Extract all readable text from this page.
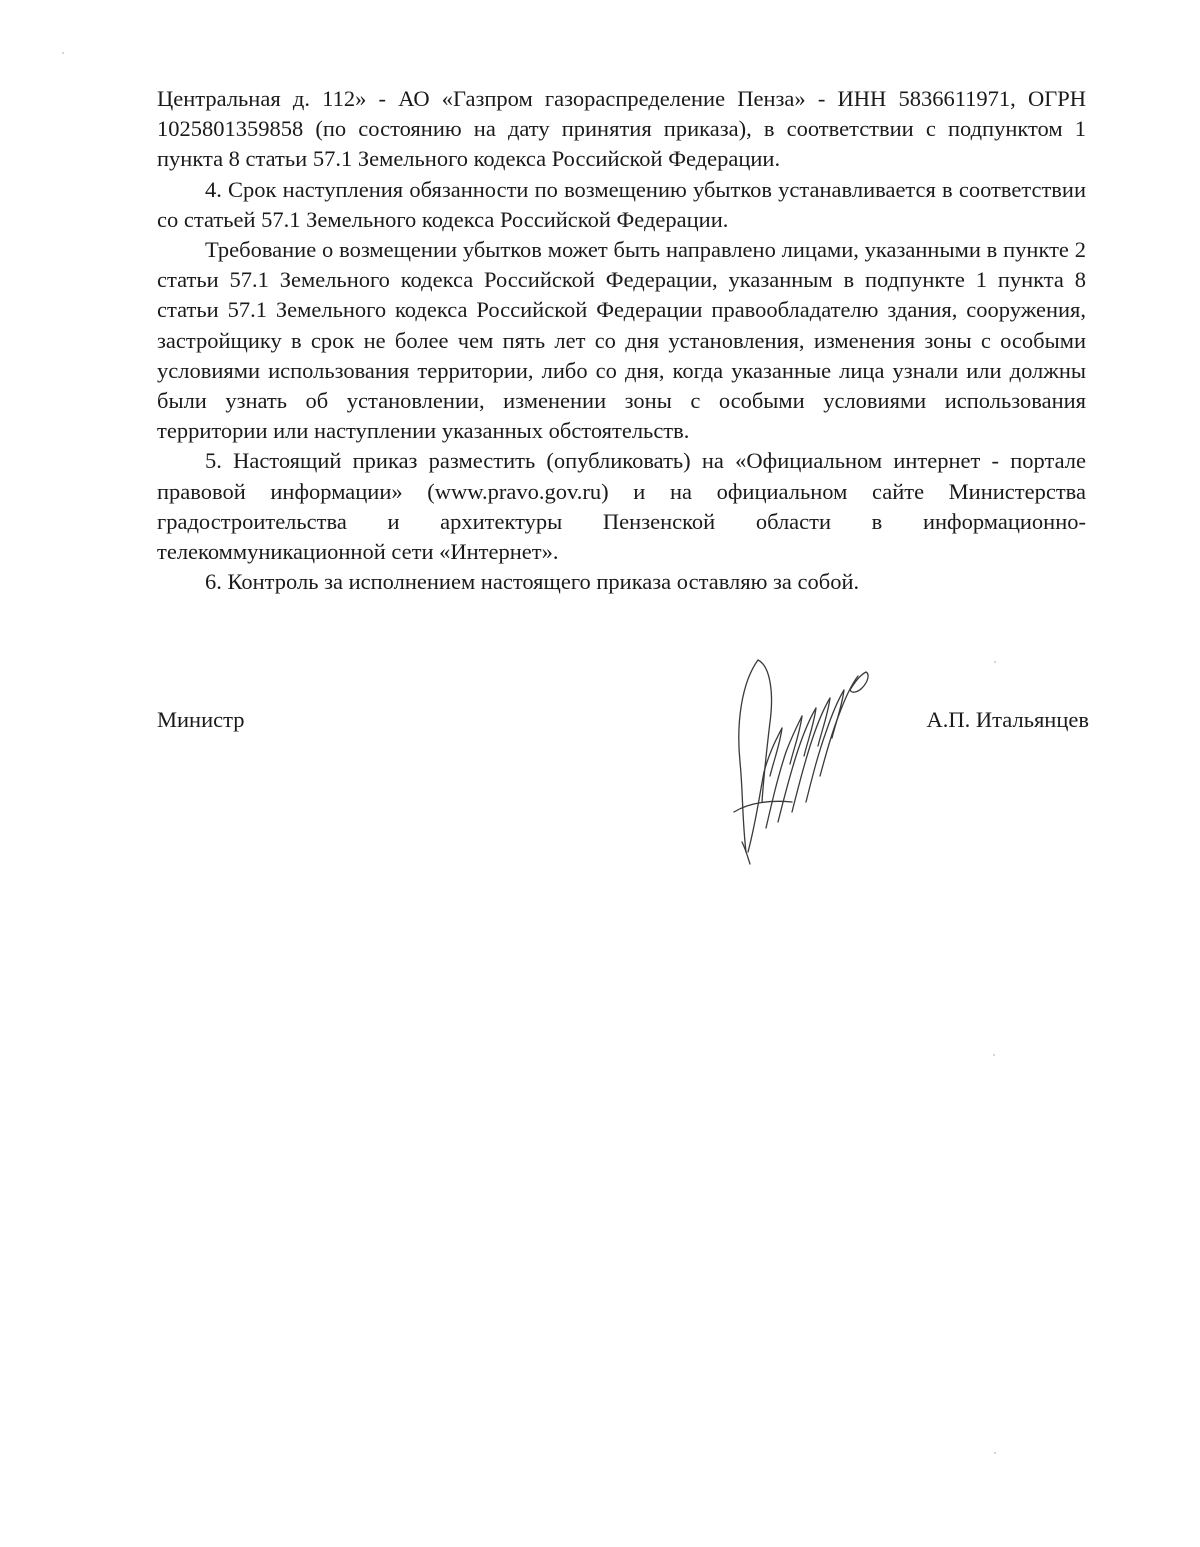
Центральная д. 112» - АО «Газпром газораспределение Пенза» - ИНН 5836611971, ОГРН 1025801359858 (по состоянию на дату принятия приказа), в соответствии с подпунктом 1 пункта 8 статьи 57.1 Земельного кодекса Российской Федерации.

4. Срок наступления обязанности по возмещению убытков устанавливается в соответствии со статьей 57.1 Земельного кодекса Российской Федерации.

Требование о возмещении убытков может быть направлено лицами, указанными в пункте 2 статьи 57.1 Земельного кодекса Российской Федерации, указанным в подпункте 1 пункта 8 статьи 57.1 Земельного кодекса Российской Федерации правообладателю здания, сооружения, застройщику в срок не более чем пять лет со дня установления, изменения зоны с особыми условиями использования территории, либо со дня, когда указанные лица узнали или должны были узнать об установлении, изменении зоны с особыми условиями использования территории или наступлении указанных обстоятельств.

5. Настоящий приказ разместить (опубликовать) на «Официальном интернет - портале правовой информации» (www.pravo.gov.ru) и на официальном сайте Министерства градостроительства и архитектуры Пензенской области в информационно-телекоммуникационной сети «Интернет».

6. Контроль за исполнением настоящего приказа оставляю за собой.

Министр	А.П. Итальянцев
